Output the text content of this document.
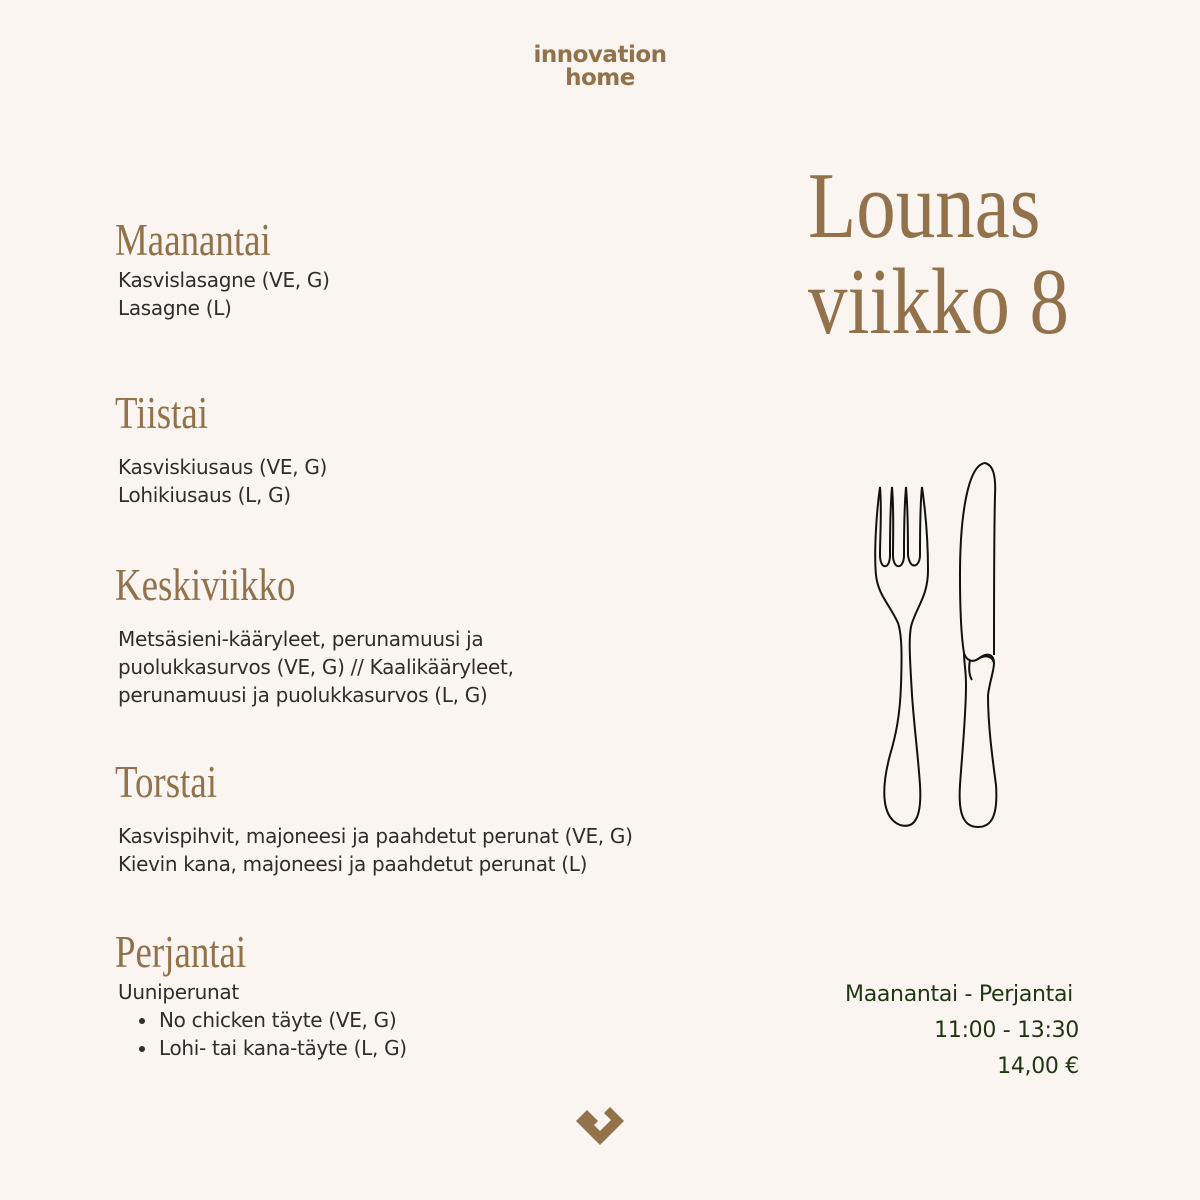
innovation
home
Lounas
viikko 8
Maanantai
Kasvislasagne (VE, G)
Lasagne (L)
Tiistai
Kasviskiusaus (VE, G)
Lohikiusaus (L, G)
Keskiviikko
Metsäsieni-kääryleet, perunamuusi ja
puolukkasurvos (VE, G) // Kaalikääryleet,
perunamuusi ja puolukkasurvos (L, G)
Torstai
Kasvispihvit, majoneesi ja paahdetut perunat (VE, G)
Kievin kana, majoneesi ja paahdetut perunat (L)
Perjantai
Uuniperunat
No chicken täyte (VE, G)
Lohi- tai kana-täyte (L, G)
Maanantai - Perjantai
11:00 - 13:30
14,00 €
